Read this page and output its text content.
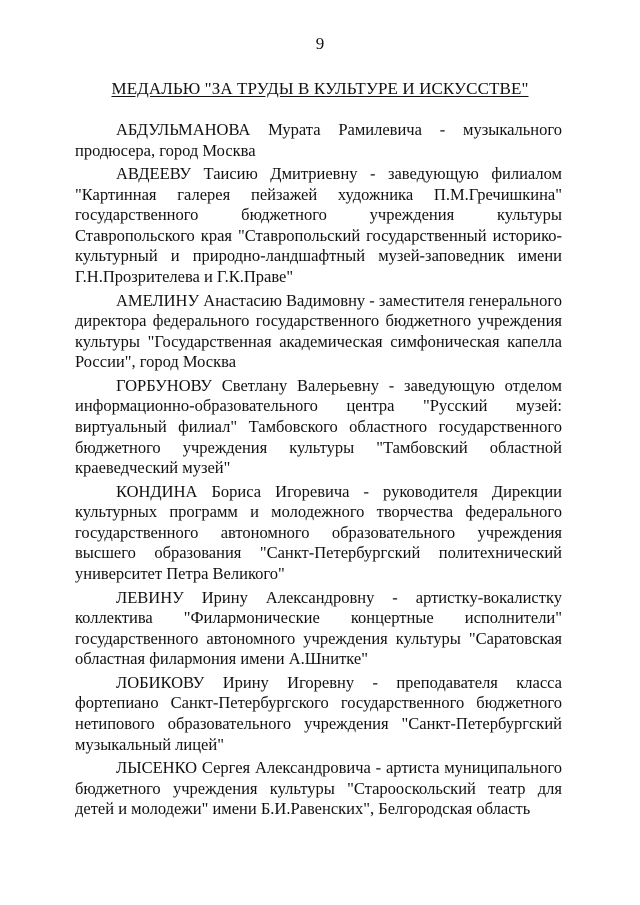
9
МЕДАЛЬЮ "ЗА ТРУДЫ В КУЛЬТУРЕ И ИСКУССТВЕ"

АБДУЛЬМАНОВА Мурата Рамилевича - музыкального продюсера, город Москва

АВДЕЕВУ Таисию Дмитриевну - заведующую филиалом "Картинная галерея пейзажей художника П.М.Гречишкина" государственного бюджетного учреждения культуры Ставропольского края "Ставропольский государственный историко-культурный и природно-ландшафтный музей-заповедник имени Г.Н.Прозрителева и Г.К.Праве"

АМЕЛИНУ Анастасию Вадимовну - заместителя генерального директора федерального государственного бюджетного учреждения культуры "Государственная академическая симфоническая капелла России", город Москва

ГОРБУНОВУ Светлану Валерьевну - заведующую отделом информационно-образовательного центра "Русский музей: виртуальный филиал" Тамбовского областного государственного бюджетного учреждения культуры "Тамбовский областной краеведческий музей"

КОНДИНА Бориса Игоревича - руководителя Дирекции культурных программ и молодежного творчества федерального государственного автономного образовательного учреждения высшего образования "Санкт-Петербургский политехнический университет Петра Великого"

ЛЕВИНУ Ирину Александровну - артистку-вокалистку коллектива "Филармонические концертные исполнители" государственного автономного учреждения культуры "Саратовская областная филармония имени А.Шнитке"

ЛОБИКОВУ Ирину Игоревну - преподавателя класса фортепиано Санкт-Петербургского государственного бюджетного нетипового образовательного учреждения "Санкт-Петербургский музыкальный лицей"

ЛЫСЕНКО Сергея Александровича - артиста муниципального бюджетного учреждения культуры "Старооскольский театр для детей и молодежи" имени Б.И.Равенских", Белгородская область
